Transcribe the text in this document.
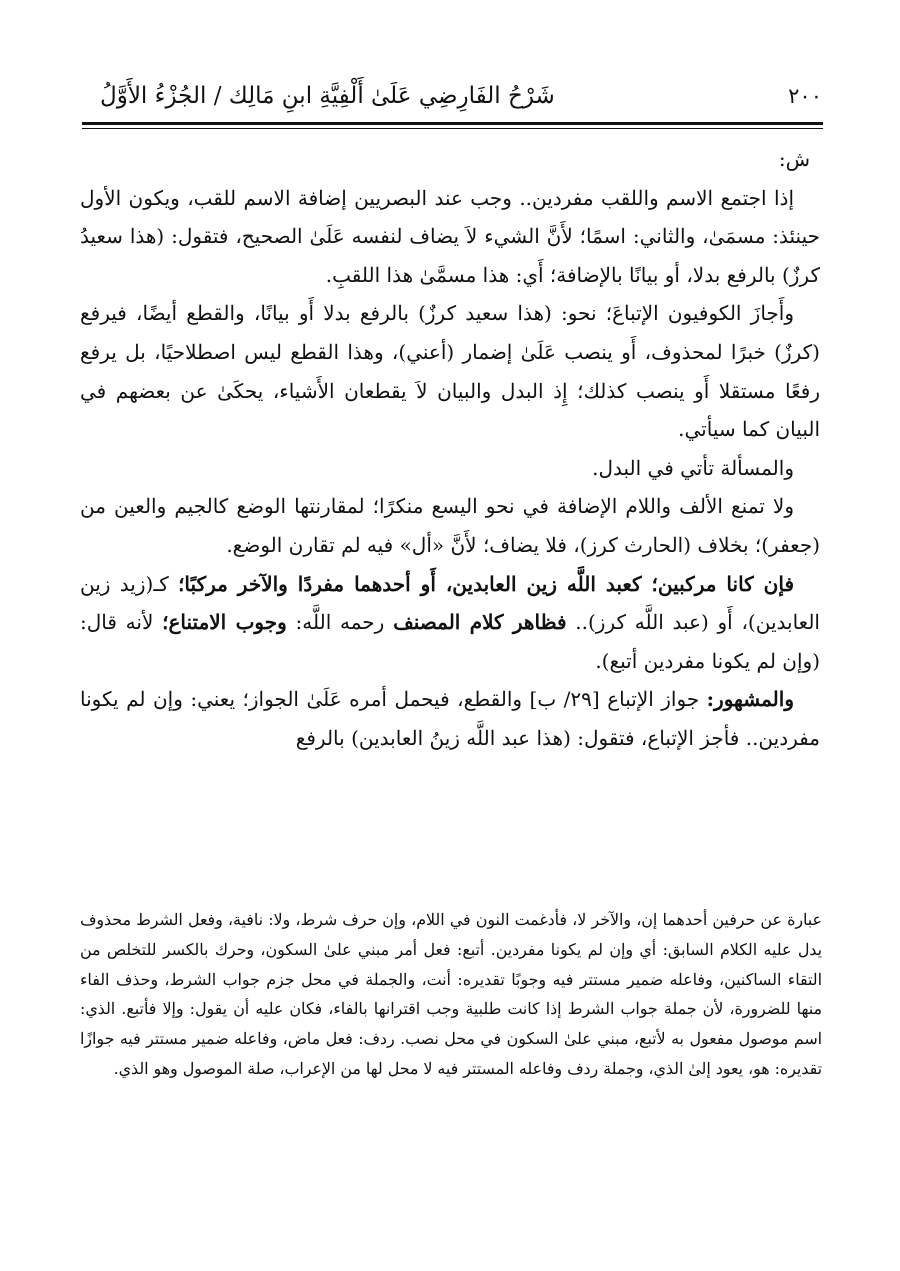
شَرْحُ الفَارِضِي عَلَىٰ أَلْفِيَّةِ ابنِ مَالِك / الجُزْءُ الأَوَّلُ	٢٠٠

ش:

إذا اجتمع الاسم واللقب مفردين.. وجب عند البصريين إضافة الاسم للقب، ويكون الأول حينئذ: مسمَىٰ، والثاني: اسمًا؛ لأَنَّ الشيء لاَ يضاف لنفسه عَلَىٰ الصحيح، فتقول: (هذا سعيدُ كرزٌ) بالرفع بدلا، أو بيانًا بالإضافة؛ أَي: هذا مسمَّىٰ هذا اللقبِ.

وأَجازَ الكوفيون الإتباعَ؛ نحو: (هذا سعيد كرزٌ) بالرفع بدلا أَو بيانًا، والقطع أيضًا، فيرفع (كرزٌ) خبرًا لمحذوف، أَو ينصب عَلَىٰ إضمار (أعني)، وهذا القطع ليس اصطلاحيًا، بل يرفع رفعًا مستقلا أَو ينصب كذلك؛ إِذ البدل والبيان لاَ يقطعان الأَشياء، يحكَىٰ عن بعضهم في البيان كما سيأتي.

والمسألة تأتي في البدل.

ولا تمنع الألف واللام الإضافة في نحو اليسع منكرًا؛ لمقارنتها الوضع كالجيم والعين من (جعفر)؛ بخلاف (الحارث كرز)، فلا يضاف؛ لأَنَّ «أل» فيه لم تقارن الوضع.

فإن كانا مركبين؛ كعبد اللَّه زين العابدين، أَو أحدهما مفردًا والآخر مركبًا؛ كـ(زيد زين العابدين)، أَو (عبد اللَّه كرز).. فظاهر كلام المصنف رحمه اللَّه: وجوب الامتناع؛ لأنه قال: (وإن لم يكونا مفردين أتبع).

والمشهور: جواز الإتباع [٢٩/ ب] والقطع، فيحمل أمره عَلَىٰ الجواز؛ يعني: وإن لم يكونا مفردين.. فأجز الإتباع، فتقول: (هذا عبد اللَّه زينُ العابدين) بالرفع

عبارة عن حرفين أحدهما إن، والآخر لا، فأدغمت النون في اللام، وإن حرف شرط، ولا: نافية، وفعل الشرط محذوف يدل عليه الكلام السابق: أي وإن لم يكونا مفردين. أتبع: فعل أمر مبني علىٰ السكون، وحرك بالكسر للتخلص من التقاء الساكنين، وفاعله ضمير مستتر فيه وجوبًا تقديره: أنت، والجملة في محل جزم جواب الشرط، وحذف الفاء منها للضرورة، لأن جملة جواب الشرط إذا كانت طلبية وجب اقترانها بالفاء، فكان عليه أن يقول: وإلا فأتبع. الذي: اسم موصول مفعول به لأتبع، مبني علىٰ السكون في محل نصب. ردف: فعل ماض، وفاعله ضمير مستتر فيه جوازًا تقديره: هو، يعود إلىٰ الذي، وجملة ردف وفاعله المستتر فيه لا محل لها من الإعراب، صلة الموصول وهو الذي.
